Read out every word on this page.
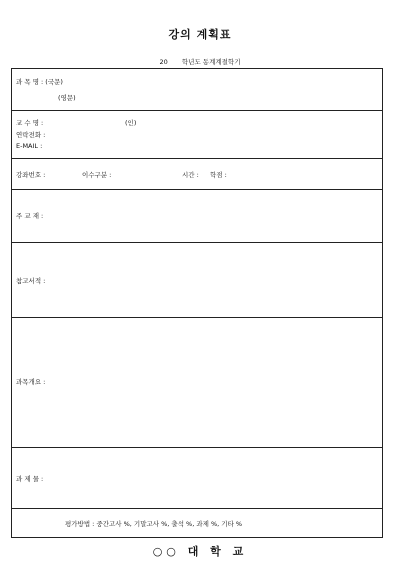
강의 계획표
20 학년도 동계계절학기
과 목 명 : (국문)
(영문)
교 수 명 :	(인)
연락전화 :
E-MAIL :
강좌번호 :	이수구분 :	시간 : 학점 :
주 교 재 :
참고서적 :
과목개요 :
과 제 물 :
평가방법 : 중간고사 %, 기말고사 %, 출석 %, 과제 %, 기타 %
○○ 대 학 교
